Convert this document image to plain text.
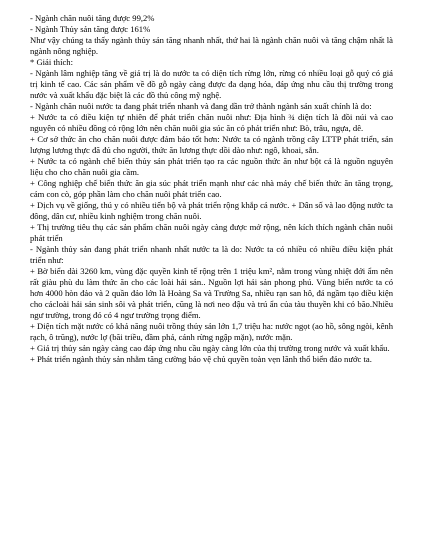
- Ngành chăn nuôi tăng được 99,2%

- Ngành Thủy sản tăng được 161%

Như vậy chúng ta thấy ngành thủy sản tăng nhanh nhất, thứ hai là ngành chăn nuôi và tăng chậm nhất là ngành nông nghiệp.

* Giải thích:

- Ngành lâm nghiệp tăng về giá trị là do nước ta có diện tích rừng lớn, rừng có nhiều loại gỗ quý có giá trị kinh tế cao. Các sản phẩm về đồ gỗ ngày càng được đa dạng hóa, đáp ứng nhu cầu thị trường trong nước và xuất khẩu đặc biệt là các đồ thủ công mỹ nghệ.

- Ngành chăn nuôi nước ta đang phát triển nhanh và đang dần trở thành ngành sản xuất chính là do:

+ Nước ta có điều kiện tự nhiên để phát triển chăn nuôi như: Địa hình ¾ diện tích là đồi núi và cao nguyên có nhiều đồng cỏ rộng lớn nên chăn nuôi gia súc ăn cỏ phát triển như: Bò, trâu, ngựa, dê.

+ Cơ sở thức ăn cho chăn nuôi được đảm bảo tốt hơn: Nước ta có ngành trồng cây LTTP phát triển, sản lượng lương thực đã đủ cho người, thức ăn lương thực dồi dào như: ngô, khoai, sắn.

+ Nước ta có ngành chế biến thủy sản phát triển tạo ra các nguồn thức ăn như bột cá là nguồn nguyên liệu cho cho chăn nuôi gia cầm.

+ Công nghiệp chế biến thức ăn gia súc phát triển mạnh như các nhà máy chế biến thức ăn tăng trọng, cám con cò, góp phần làm cho chăn nuôi phát triển cao.

+ Dịch vụ về giống, thú y có nhiều tiến bộ và phát triển rộng khắp cả nước. + Dân số và lao động nước ta đông, dân cư, nhiều kinh nghiệm trong chăn nuôi.

+ Thị trường tiêu thụ các sản phẩm chăn nuôi ngày càng được mở rộng, nên kích thích ngành chăn nuôi phát triển

- Ngành thủy sản đang phát triển nhanh nhất nước ta là do: Nước ta có nhiều có nhiều điều kiện phát triển như:

+ Bờ biển dài 3260 km, vùng đặc quyền kinh tế rộng trên 1 triệu km², nằm trong vùng nhiệt đới ẩm nên rất giàu phù du làm thức ăn cho các loài hải sản.. Nguồn lợi hải sản phong phú. Vùng biển nước ta có hơn 4000 hòn đảo và 2 quần đảo lớn là Hoàng Sa và Trường Sa, nhiều rạn san hô, đá ngầm tạo điều kiện cho cácloài hải sản sinh sôi và phát triển, cũng là nơi neo đậu và trú ẩn của tàu thuyền khi có bão.Nhiều ngư trường, trong đó có 4 ngư trường trọng điểm.

+ Diện tích mặt nước có khả năng nuôi trồng thủy sản lớn 1,7 triệu ha: nước ngọt (ao hồ, sông ngòi, kênh rạch, ô trũng), nước lợ (bãi triều, đầm phá, cánh rừng ngập mặn), nước mặn.

+ Giá trị thủy sản ngày càng cao đáp ứng nhu cầu ngày càng lớn của thị trường trong nước và xuất khẩu.

+ Phát triển ngành thủy sản nhằm tăng cường bảo vệ chủ quyền toàn vẹn lãnh thổ biển đảo nước ta.
